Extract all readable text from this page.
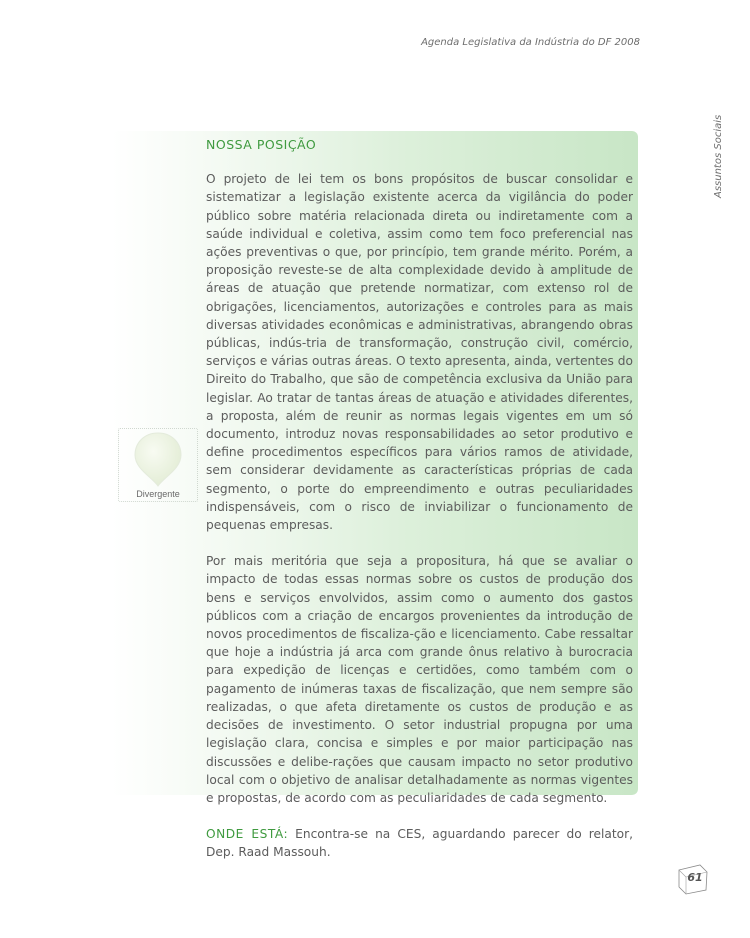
Agenda Legislativa da Indústria do DF 2008
Assuntos Sociais
Divergente
NOSSA POSIÇÃO

O projeto de lei tem os bons propósitos de buscar consolidar e sistematizar a legislação existente acerca da vigilância do poder público sobre matéria relacionada direta ou indiretamente com a saúde individual e coletiva, assim como tem foco preferencial nas ações preventivas o que, por princípio, tem grande mérito. Porém, a proposição reveste-se de alta complexidade devido à amplitude de áreas de atuação que pretende normatizar, com extenso rol de obrigações, licenciamentos, autorizações e controles para as mais diversas atividades econômicas e administrativas, abrangendo obras públicas, indús-tria de transformação, construção civil, comércio, serviços e várias outras áreas. O texto apresenta, ainda, vertentes do Direito do Trabalho, que são de competência exclusiva da União para legislar. Ao tratar de tantas áreas de atuação e atividades diferentes, a proposta, além de reunir as normas legais vigentes em um só documento, introduz novas responsabilidades ao setor produtivo e define procedimentos específicos para vários ramos de atividade, sem considerar devidamente as características próprias de cada segmento, o porte do empreendimento e outras peculiaridades indispensáveis, com o risco de inviabilizar o funcionamento de pequenas empresas.

Por mais meritória que seja a propositura, há que se avaliar o impacto de todas essas normas sobre os custos de produção dos bens e serviços envolvidos, assim como o aumento dos gastos públicos com a criação de encargos provenientes da introdução de novos procedimentos de fiscaliza-ção e licenciamento. Cabe ressaltar que hoje a indústria já arca com grande ônus relativo à burocracia para expedição de licenças e certidões, como também com o pagamento de inúmeras taxas de fiscalização, que nem sempre são realizadas, o que afeta diretamente os custos de produção e as decisões de investimento. O setor industrial propugna por uma legislação clara, concisa e simples e por maior participação nas discussões e delibe-rações que causam impacto no setor produtivo local com o objetivo de analisar detalhadamente as normas vigentes e propostas, de acordo com as peculiaridades de cada segmento.

ONDE ESTÁ: Encontra-se na CES, aguardando parecer do relator, Dep. Raad Massouh.

61
